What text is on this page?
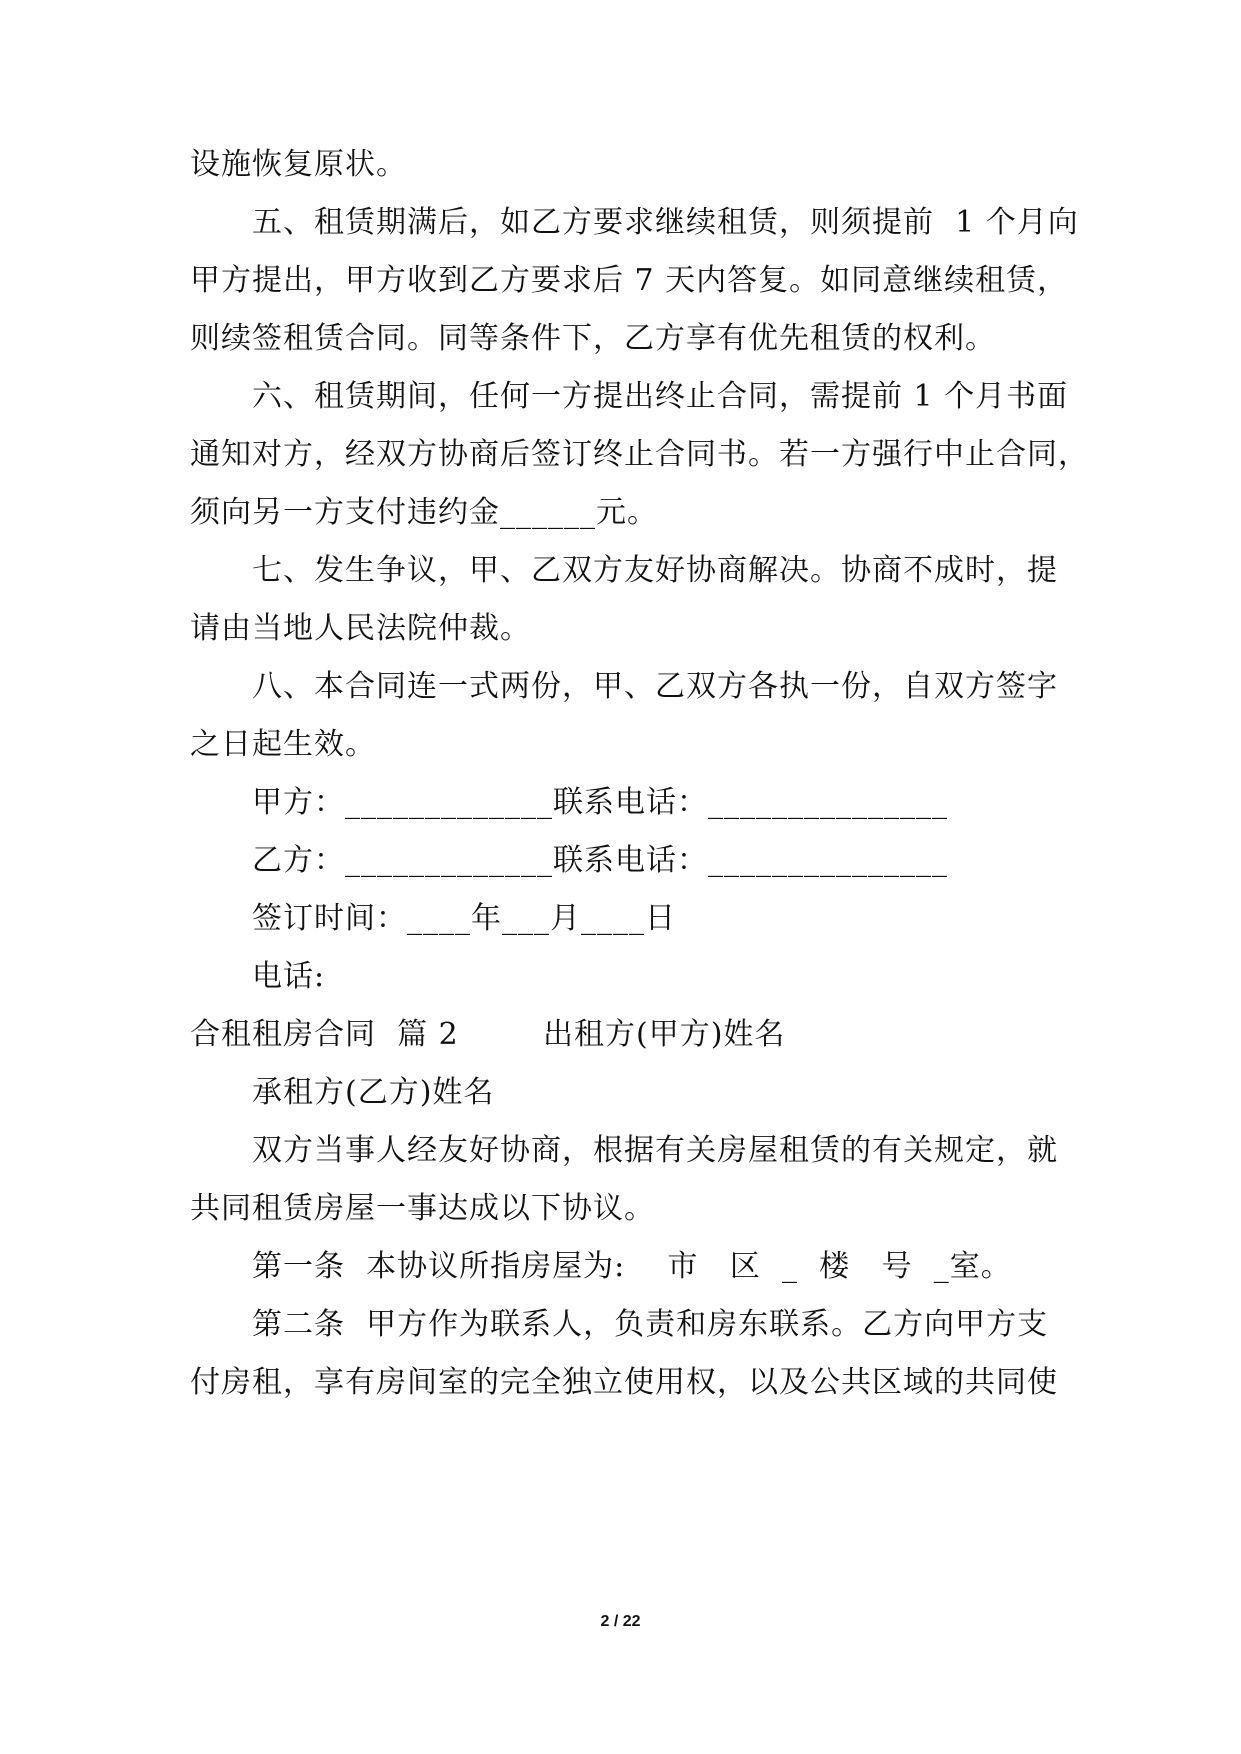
设施恢复原状。
五、租赁期满后，如乙方要求继续租赁，则须提前  1 个月向
甲方提出，甲方收到乙方要求后 7 天内答复。如同意继续租赁，
则续签租赁合同。同等条件下，乙方享有优先租赁的权利。
六、租赁期间，任何一方提出终止合同，需提前 1 个月书面
通知对方，经双方协商后签订终止合同书。若一方强行中止合同，
须向另一方支付违约金______元。
七、发生争议，甲、乙双方友好协商解决。协商不成时，提
请由当地人民法院仲裁。
八、本合同连一式两份，甲、乙双方各执一份，自双方签字
之日起生效。
甲方：_____________联系电话：_______________
乙方：_____________联系电话：_______________
签订时间：____年___月____日
电话:
合租租房合同  篇 2        出租方(甲方)姓名
承租方(乙方)姓名
双方当事人经友好协商，根据有关房屋租赁的有关规定，就
共同租赁房屋一事达成以下协议。
第一条  本协议所指房屋为:    市   区  _  楼   号  _室。
第二条  甲方作为联系人，负责和房东联系。乙方向甲方支
付房租，享有房间室的完全独立使用权，以及公共区域的共同使
2 / 22
